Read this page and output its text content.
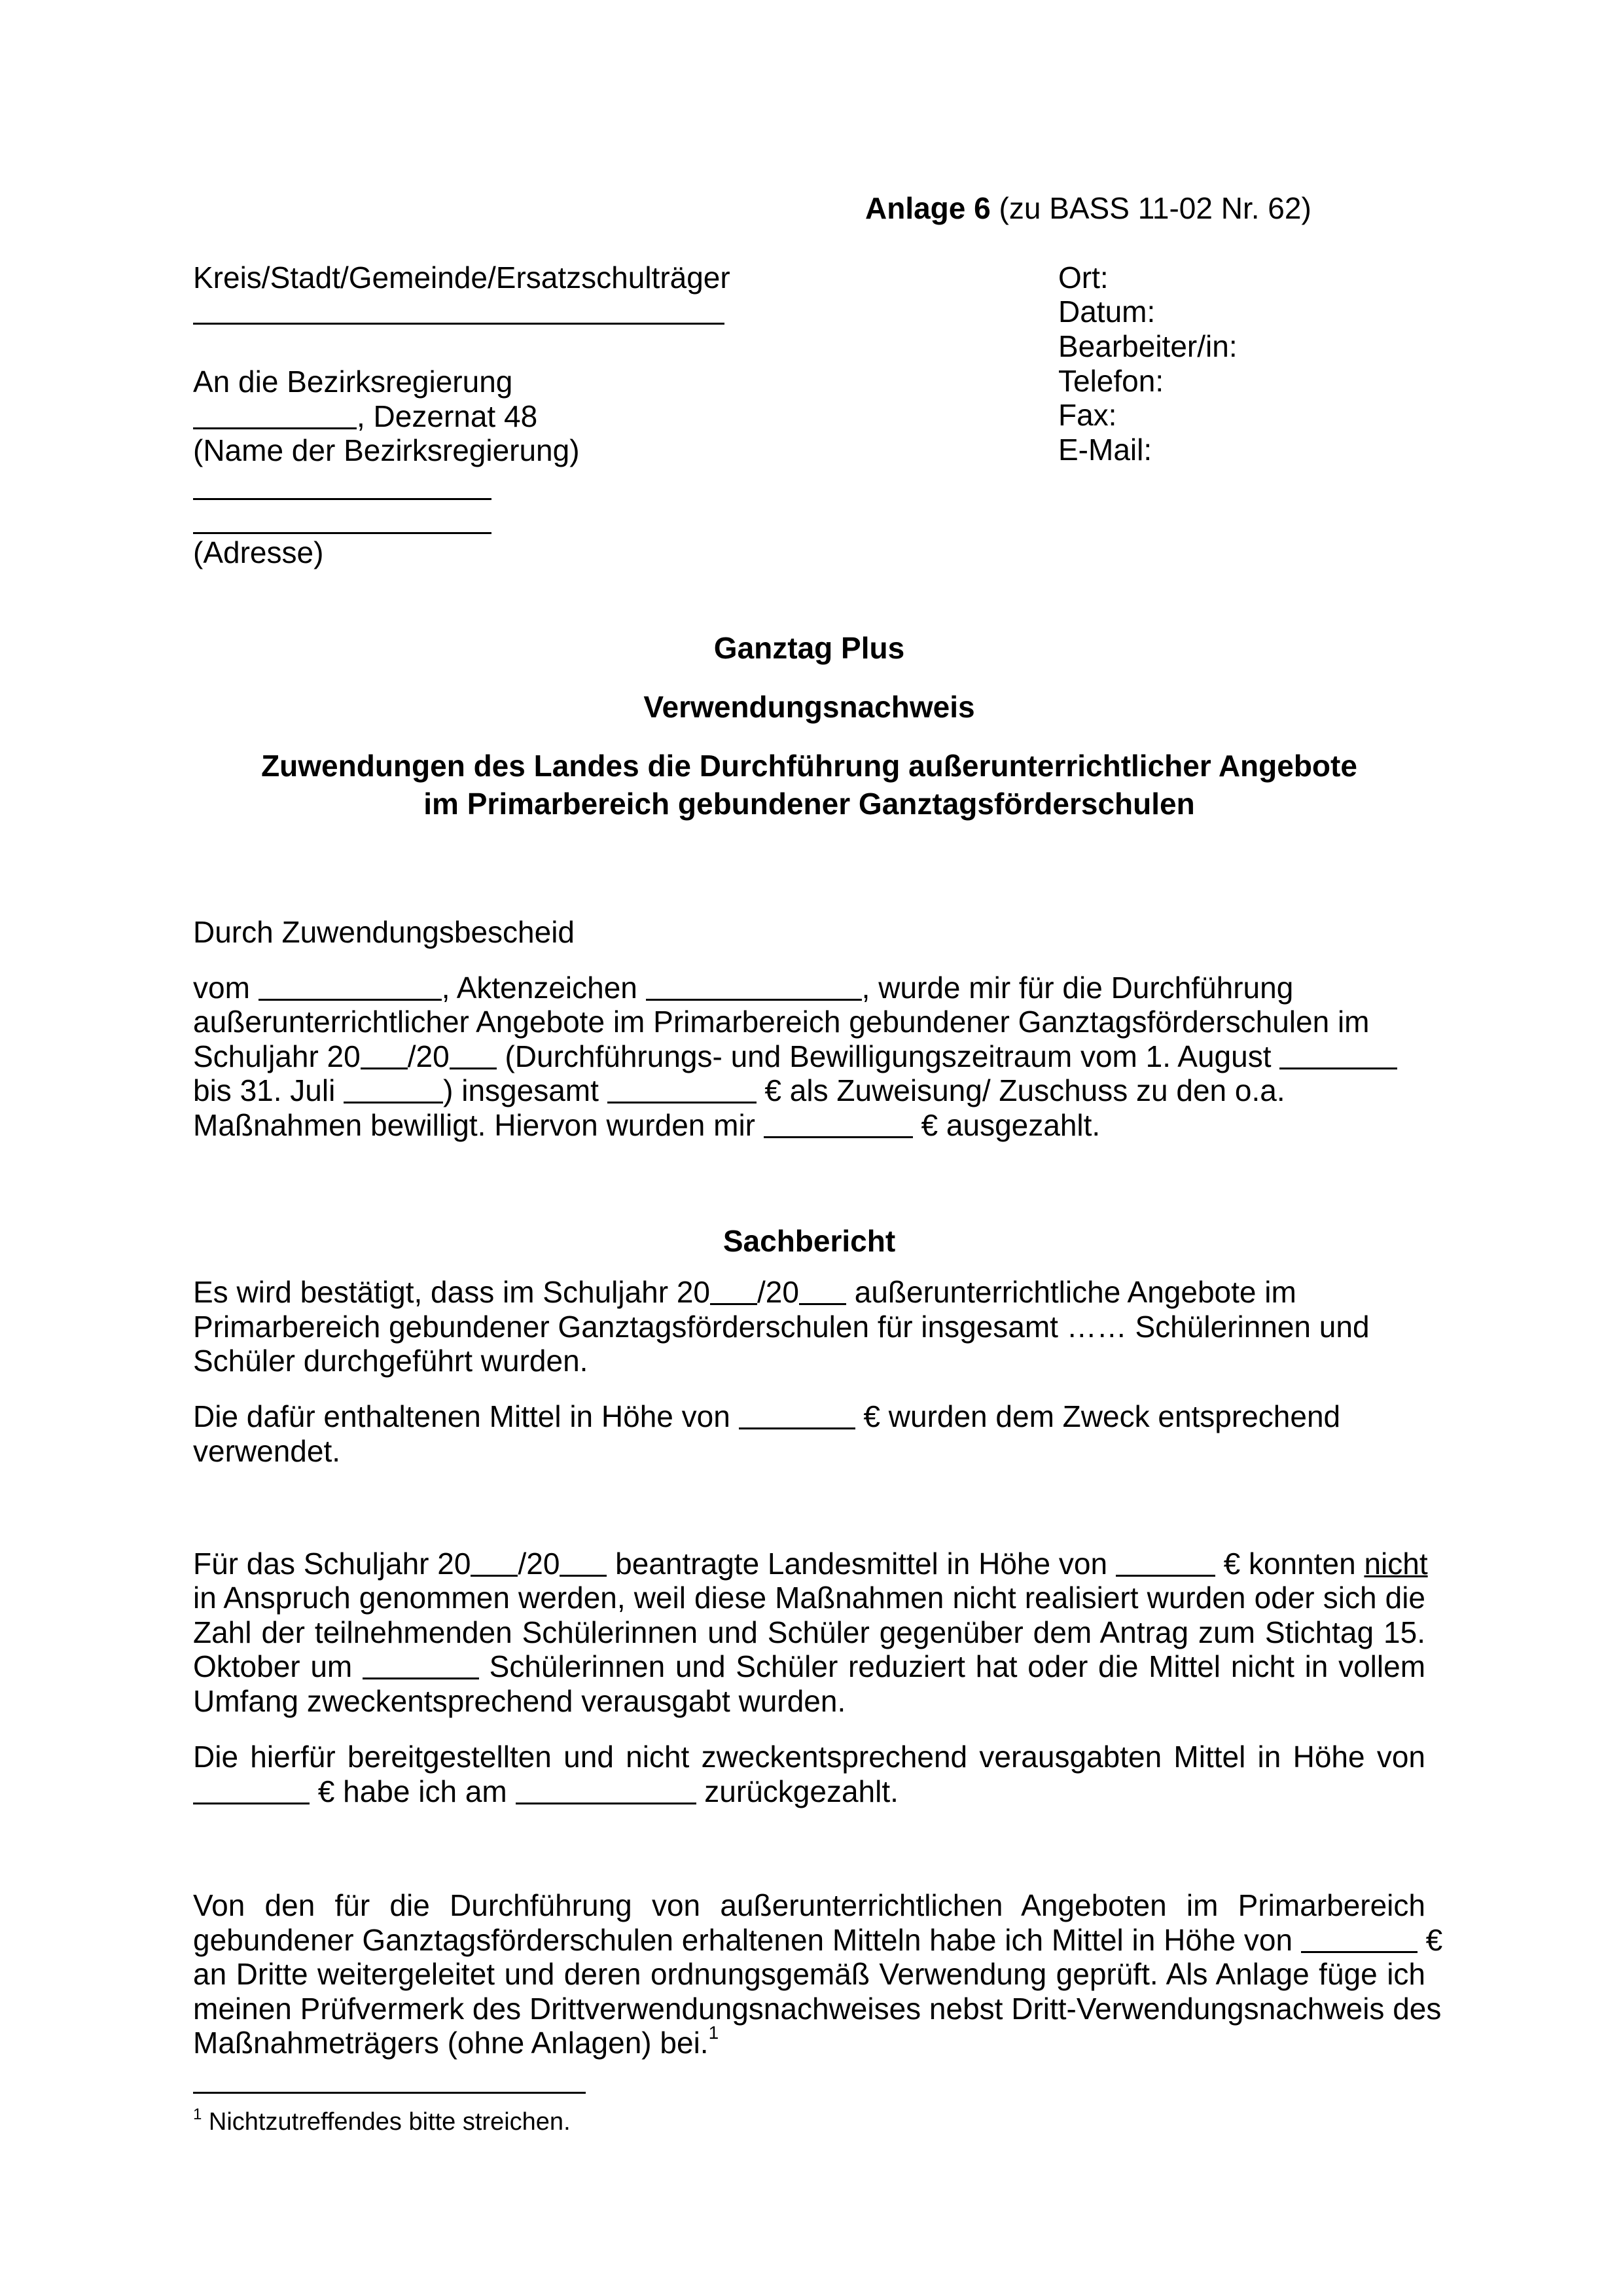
Anlage 6 (zu BASS 11-02 Nr. 62)
Kreis/Stadt/Gemeinde/Ersatzschulträger
An die Bezirksregierung
, Dezernat 48
(Name der Bezirksregierung)
(Adresse)
Ort:
Datum:
Bearbeiter/in:
Telefon:
Fax:
E-Mail:
Ganztag Plus
Verwendungsnachweis
Zuwendungen des Landes die Durchführung außerunterrichtlicher Angebote
im Primarbereich gebundener Ganztagsförderschulen
Durch Zuwendungsbescheid
vom	, Aktenzeichen	, wurde mir für die Durchführung
außerunterrichtlicher Angebote im Primarbereich gebundener Ganztagsförderschulen im
Schuljahr 20 /20 (Durchführungs- und Bewilligungszeitraum vom 1. August
bis 31. Juli	) insgesamt	€ als Zuweisung/ Zuschuss zu den o.a.
Maßnahmen bewilligt. Hiervon wurden mir	€ ausgezahlt.
Sachbericht
Es wird bestätigt, dass im Schuljahr 20 /20 außerunterrichtliche Angebote im
Primarbereich gebundener Ganztagsförderschulen für insgesamt …… Schülerinnen und
Schüler durchgeführt wurden.
Die dafür enthaltenen Mittel in Höhe von	€ wurden dem Zweck entsprechend
verwendet.
Für das Schuljahr 20 /20 beantragte Landesmittel in Höhe von	€ konnten nicht
in Anspruch genommen werden, weil diese Maßnahmen nicht realisiert wurden oder sich die
Zahl der teilnehmenden Schülerinnen und Schüler gegenüber dem Antrag zum Stichtag 15.
Oktober um	Schülerinnen und Schüler reduziert hat oder die Mittel nicht in vollem
Umfang zweckentsprechend verausgabt wurden.
Die hierfür bereitgestellten und nicht zweckentsprechend verausgabten Mittel in Höhe von
€ habe ich am	zurückgezahlt.
Von den für die Durchführung von außerunterrichtlichen Angeboten im Primarbereich
gebundener Ganztagsförderschulen erhaltenen Mitteln habe ich Mittel in Höhe von	€
an Dritte weitergeleitet und deren ordnungsgemäß Verwendung geprüft. Als Anlage füge ich
meinen Prüfvermerk des Drittverwendungsnachweises nebst Dritt-Verwendungsnachweis des
Maßnahmeträgers (ohne Anlagen) bei.$^1$
$^1$ Nichtzutreffendes bitte streichen.
